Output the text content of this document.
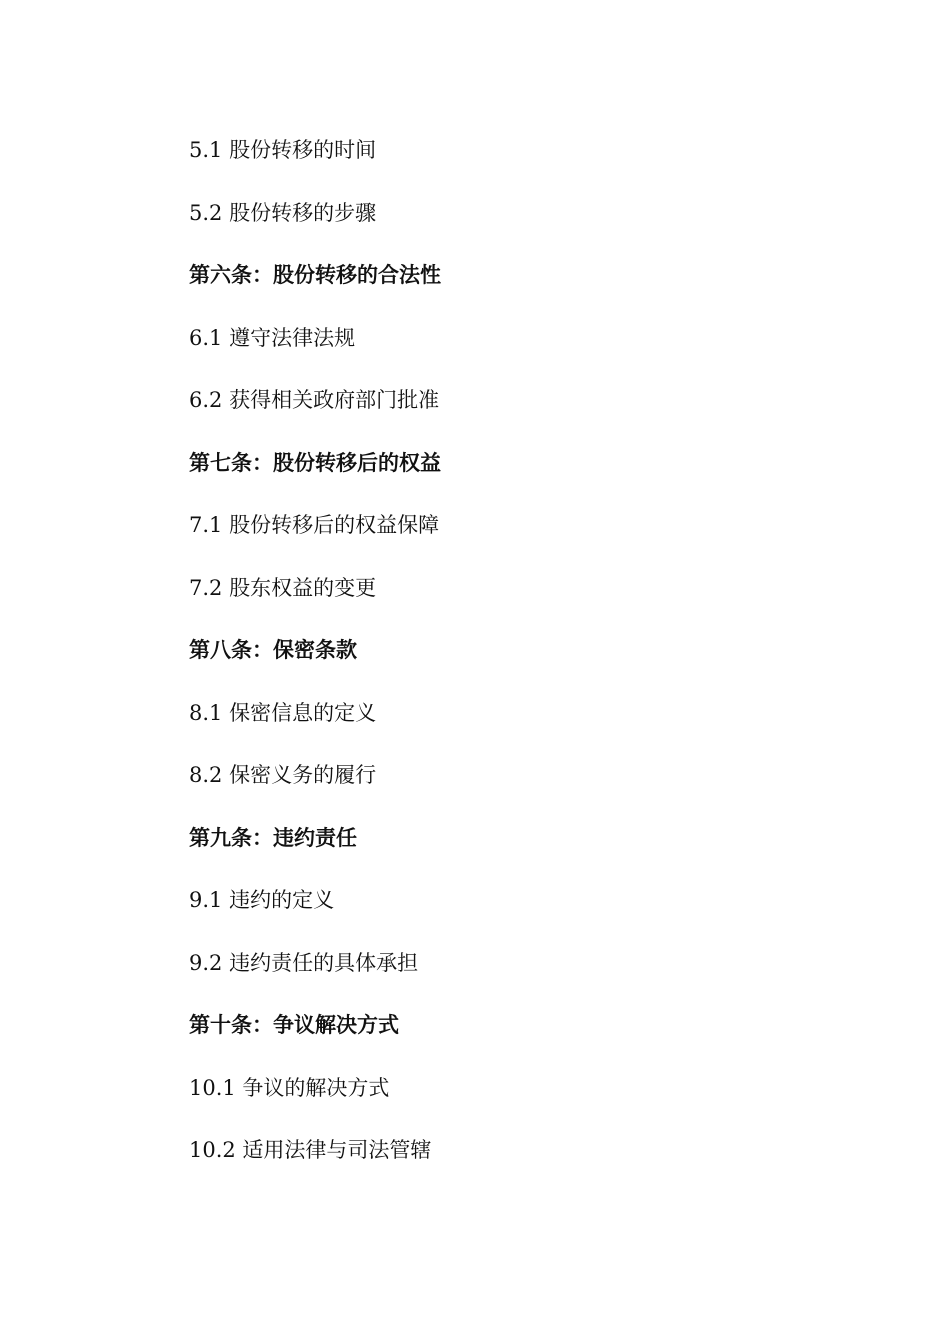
5.1 股份转移的时间
5.2 股份转移的步骤
第六条：股份转移的合法性
6.1 遵守法律法规
6.2 获得相关政府部门批准
第七条：股份转移后的权益
7.1 股份转移后的权益保障
7.2 股东权益的变更
第八条：保密条款
8.1 保密信息的定义
8.2 保密义务的履行
第九条：违约责任
9.1 违约的定义
9.2 违约责任的具体承担
第十条：争议解决方式
10.1 争议的解决方式
10.2 适用法律与司法管辖
